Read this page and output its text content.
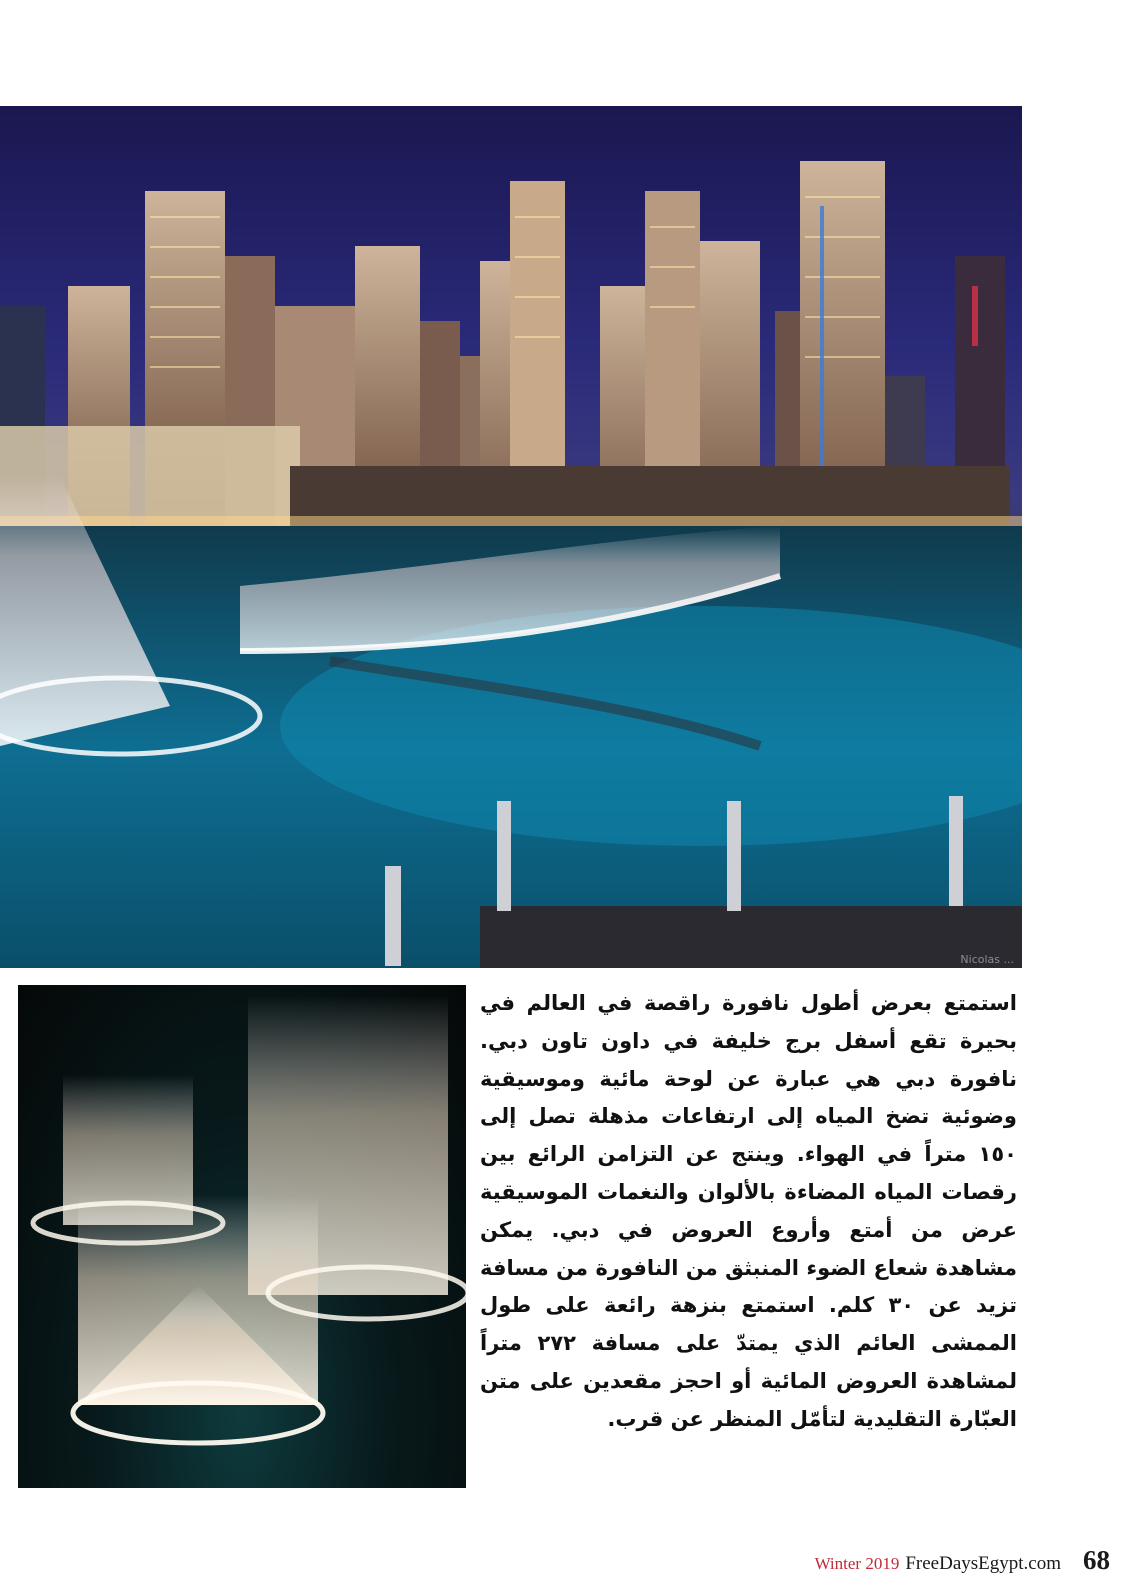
Nicolas ...

استمتع بعرض أطول نافورة راقصة في العالم في بحيرة تقع أسفل برج خليفة في داون تاون دبي. نافورة دبي هي عبارة عن لوحة مائية وموسيقية وضوئية تضخ المياه إلى ارتفاعات مذهلة تصل إلى ١٥٠ متراً في الهواء. وينتج عن التزامن الرائع بين رقصات المياه المضاءة بالألوان والنغمات الموسيقية عرض من أمتع وأروع العروض في دبي. يمكن مشاهدة شعاع الضوء المنبثق من النافورة من مسافة تزيد عن ٣٠ كلم. استمتع بنزهة رائعة على طول الممشى العائم الذي يمتدّ على مسافة ٢٧٢ متراً لمشاهدة العروض المائية أو احجز مقعدين على متن العبّارة التقليدية لتأمّل المنظر عن قرب.

Winter 2019 FreeDaysEgypt.com 68
